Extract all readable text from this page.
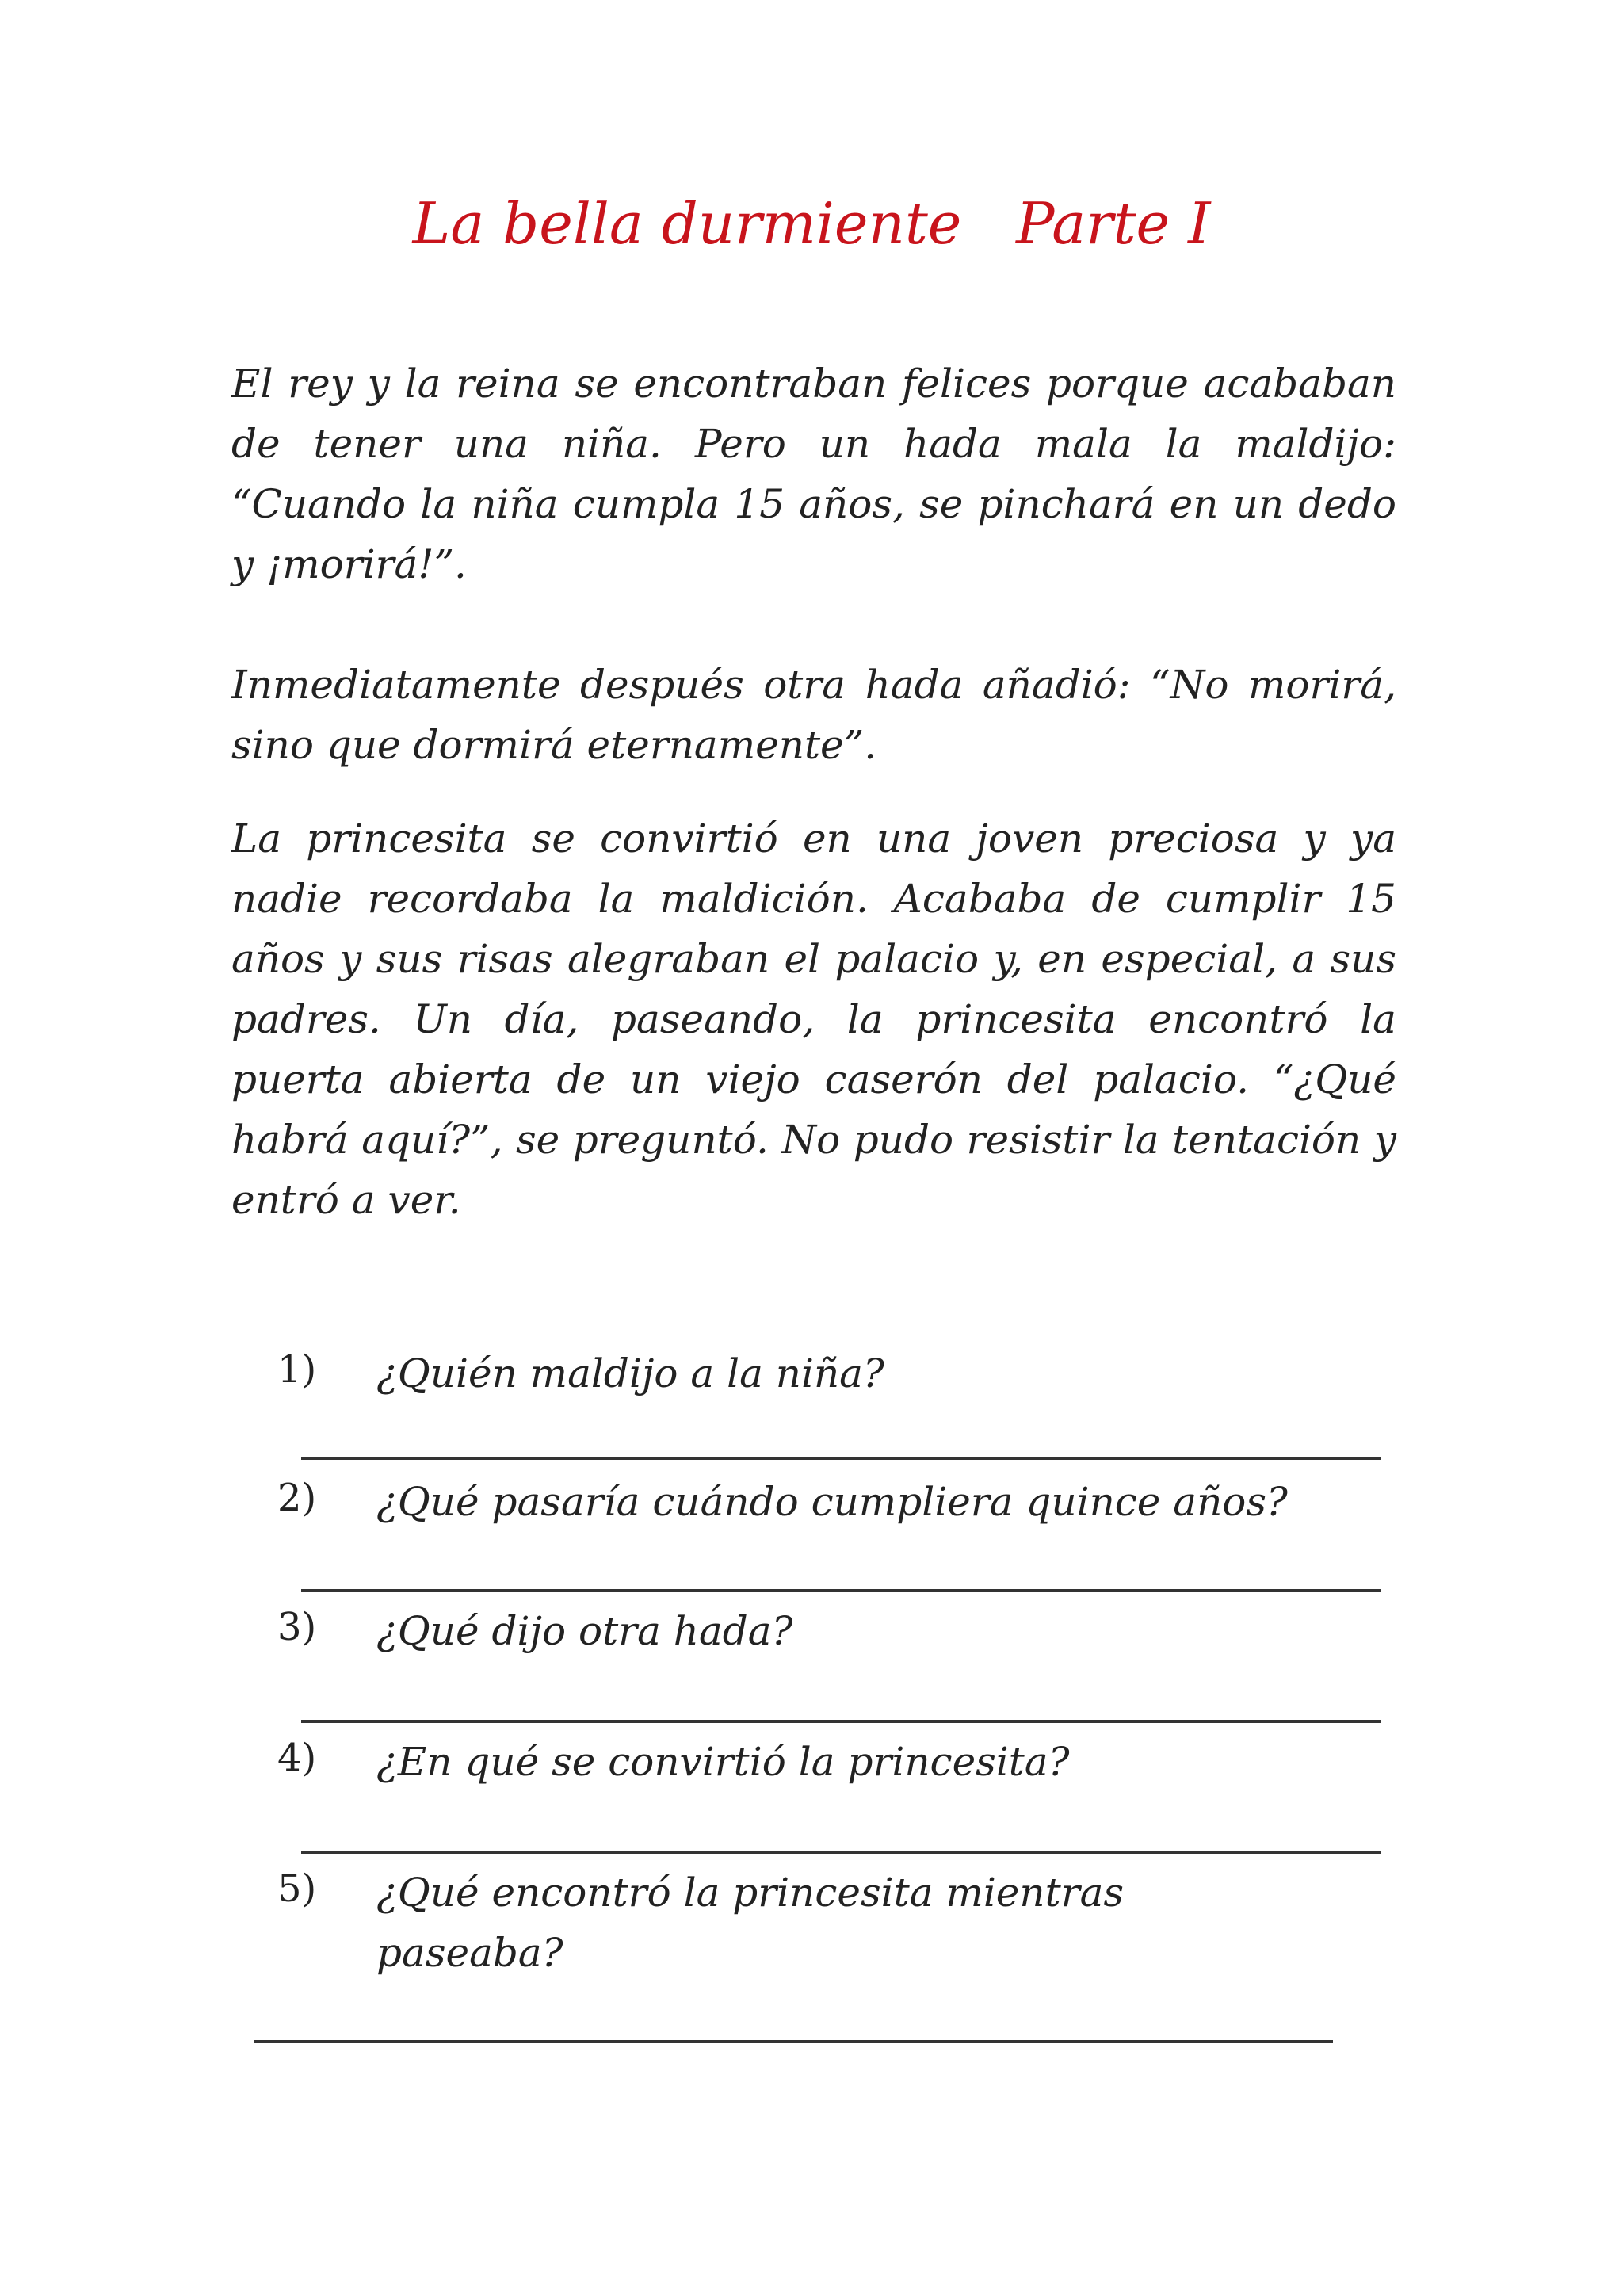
La bella durmiente   Parte I
El rey y la reina se encontraban felices porque acababan de tener una niña. Pero un hada mala la maldijo: “Cuando la niña cumpla 15 años, se pinchará en un dedo y ¡morirá!”.
Inmediatamente después otra hada añadió: “No morirá, sino que dormirá eternamente”.
La princesita se convirtió en una joven preciosa y ya nadie recordaba la maldición. Acababa de cumplir 15 años y sus risas alegraban el palacio y, en especial, a sus padres. Un día, paseando, la princesita encontró la puerta abierta de un viejo caserón del palacio. “¿Qué habrá aquí?”, se preguntó. No pudo resistir la tentación y entró a ver.
1) ¿Quién maldijo a la niña?
2) ¿Qué pasaría cuándo cumpliera quince años?
3) ¿Qué dijo otra hada?
4) ¿En qué se convirtió la princesita?
5) ¿Qué encontró la princesita mientras paseaba?
